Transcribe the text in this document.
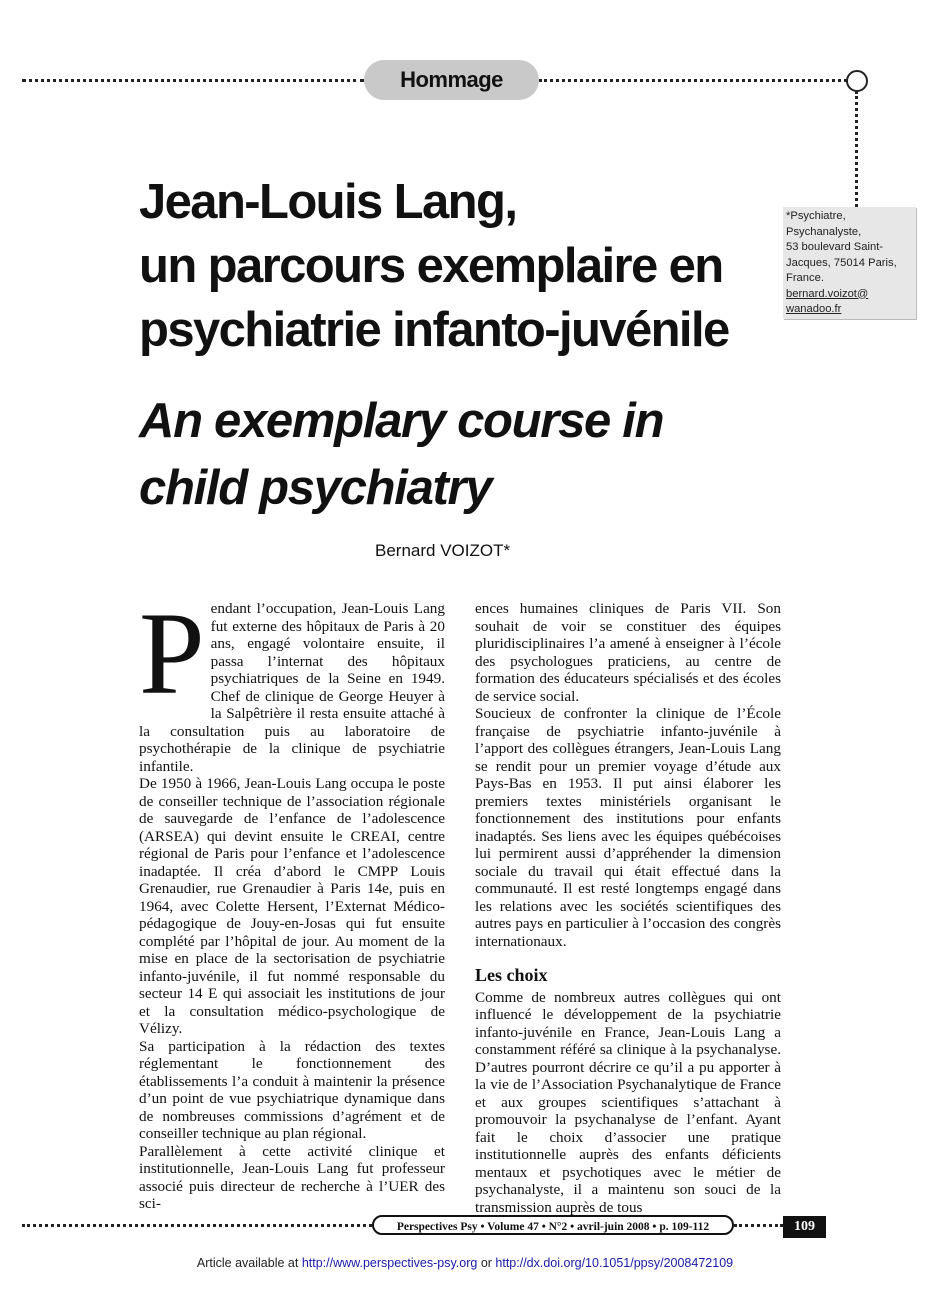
Hommage
*Psychiatre,
Psychanalyste,
53 boulevard Saint-
Jacques, 75014 Paris,
France.
bernard.voizot@
wanadoo.fr
Jean-Louis Lang,
un parcours exemplaire en
psychiatrie infanto-juvénile
An exemplary course in
child psychiatry
Bernard VOIZOT*
P endant l’occupation, Jean-Louis Lang fut externe des hôpitaux de Paris à 20 ans, engagé volontaire ensuite, il passa l’internat des hôpitaux psychiatriques de la Seine en 1949. Chef de clinique de George Heuyer à la Salpêtrière il resta ensuite attaché à la consultation puis au laboratoire de psychothérapie de la clinique de psychiatrie infantile.

De 1950 à 1966, Jean-Louis Lang occupa le poste de conseiller technique de l’association régionale de sauvegarde de l’enfance de l’adolescence (ARSEA) qui devint ensuite le CREAI, centre régional de Paris pour l’enfance et l’adolescence inadaptée. Il créa d’abord le CMPP Louis Grenaudier, rue Grenaudier à Paris 14e, puis en 1964, avec Colette Hersent, l’Externat Médico-pédagogique de Jouy-en-Josas qui fut ensuite complété par l’hôpital de jour. Au moment de la mise en place de la sectorisation de psychiatrie infanto-juvénile, il fut nommé responsable du secteur 14 E qui associait les institutions de jour et la consultation médico-psychologique de Vélizy.

Sa participation à la rédaction des textes réglementant le fonctionnement des établissements l’a conduit à maintenir la présence d’un point de vue psychiatrique dynamique dans de nombreuses commissions d’agrément et de conseiller technique au plan régional.

Parallèlement à cette activité clinique et institutionnelle, Jean-Louis Lang fut professeur associé puis directeur de recherche à l’UER des sci-

ences humaines cliniques de Paris VII. Son souhait de voir se constituer des équipes pluridisciplinaires l’a amené à enseigner à l’école des psychologues praticiens, au centre de formation des éducateurs spécialisés et des écoles de service social.

Soucieux de confronter la clinique de l’École française de psychiatrie infanto-juvénile à l’apport des collègues étrangers, Jean-Louis Lang se rendit pour un premier voyage d’étude aux Pays-Bas en 1953. Il put ainsi élaborer les premiers textes ministériels organisant le fonctionnement des institutions pour enfants inadaptés. Ses liens avec les équipes québécoises lui permirent aussi d’appréhender la dimension sociale du travail qui était effectué dans la communauté. Il est resté longtemps engagé dans les relations avec les sociétés scientifiques des autres pays en particulier à l’occasion des congrès internationaux.

Les choix

Comme de nombreux autres collègues qui ont influencé le développement de la psychiatrie infanto-juvénile en France, Jean-Louis Lang a constamment référé sa clinique à la psychanalyse. D’autres pourront décrire ce qu’il a pu apporter à la vie de l’Association Psychanalytique de France et aux groupes scientifiques s’attachant à promouvoir la psychanalyse de l’enfant. Ayant fait le choix d’associer une pratique institutionnelle auprès des enfants déficients mentaux et psychotiques avec le métier de psychanalyste, il a maintenu son souci de la transmission auprès de tous

Perspectives Psy • Volume 47 • N°2 • avril-juin 2008 • p. 109-112	109
Article available at http://www.perspectives-psy.org or http://dx.doi.org/10.1051/ppsy/2008472109
